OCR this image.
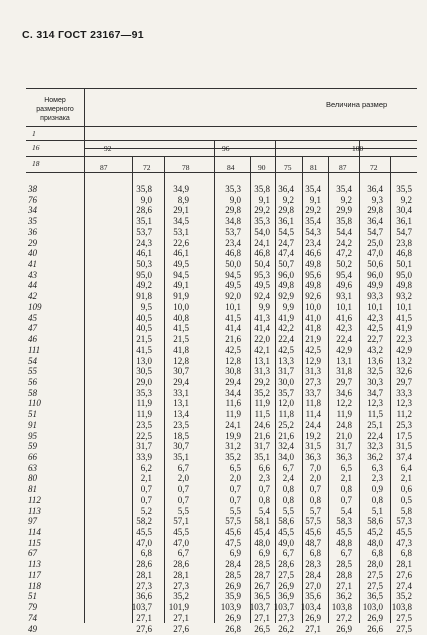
С. 314 ГОСТ 23167—91
Номер размерного признака
Величина размер
1
16
18
92	96	100
87	72	78	84	90 75 81	87	72
38	35,8	34,9	35,3	35,8 36,4	35,4	35,4	36,4	35,5
76	9,0	8,9	9,0	9,1	9,2	9,1	9,2	9,3	9,2
34	28,6	29,1	29,8	29,2 29,8	29,2	29,9	29,8	30,4
35	35,1	34,5	34,8	35,3 36,1	35,4	35,8	36,4	36,1
36	53,7	53,1	53,7	54,0 54,5	54,3	54,4	54,7	54,7
29	24,3	22,6	23,4	24,1 24,7	23,4	24,2	25,0	23,8
40	46,1	46,1	46,8	46,8 47,4	46,6	47,2	47,0	46,8
41	50,3	49,5	50,0	50,4 50,7	49,8	50,2	50,6	50,1
43	95,0	94,5	94,5	95,3 96,0	95,6	95,4	96,0	95,0
44	49,2	49,1	49,5	49,5 49,8	49,8	49,6	49,9	49,8
42	91,8	91,9	92,0	92,4 92,9	92,6	93,1	93,3	93,2
109	9,5	10,0	10,1	9,9	9,9	10,0	10,1	10,1	10,1
45	40,5	40,8	41,5	41,3 41,9	41,0	41,6	42,3	41,5
47	40,5	41,5	41,4	41,4 42,2	41,8	42,3	42,5	41,9
46	21,5	21,5	21,6	22,0 22,4	21,9	22,4	22,7	22,3
111	41,5	41,8	42,5	42,1 42,5	42,5	42,9	43,2	42,9
54	13,0	12,8	12,8	13,1 13,3	12,9	13,1	13,6	13,2
55	30,5	30,7	30,8	31,3 31,7	31,3	31,8	32,5	32,6
56	29,0	29,4	29,4	29,2 30,0	27,3	29,7	30,3	29,7
58	35,3	33,1	34,4	35,2 35,7	33,7	34,6	34,7	33,3
110	11,9	13,1	11,6	11,9 12,0	11,8	12,2	12,3	12,3
51	11,9	13,4	11,9	11,5 11,8	11,4	11,9	11,5	11,2
91	23,5	23,5	24,1	24,6 25,2	24,4	24,8	25,1	25,3
95	22,5	18,5	19,9	21,6 21,6	19,2	21,0	22,4	17,5
59	31,7	30,7	31,2	31,7 32,4	31,5	31,7	32,3	31,5
66	33,9	35,1	35,2	35,1 34,0	36,3	36,3	36,2	37,4
63	6,2	6,7	6,5	6,6	6,7	7,0	6,5	6,3	6,4
80	2,1	2,0	2,0	2,3	2,4	2,0	2,1	2,3	2,1
81	0,7	0,7	0,7	0,7	0,8	0,7	0,8	0,9	0,6
112	0,7	0,7	0,7	0,8	0,8	0,8	0,7	0,8	0,5
113	5,2	5,5	5,5	5,4	5,5	5,7	5,4	5,1	5,8
97	58,2	57,1	57,5	58,1 58,6	57,5	58,3	58,6	57,3
114	45,5	45,5	45,6	45,4 45,5	45,6	45,5	45,2	45,5
115	47,0	47,0	47,5	48,0 49,0	48,7	48,8	48,0	47,3
67	6,8	6,7	6,9	6,9	6,7	6,8	6,7	6,8	6,8
113	28,6	28,6	28,4	28,5 28,6	28,3	28,5	28,0	28,1
117	28,1	28,1	28,5	28,7 27,5	28,4	28,8	27,5	27,6
118	27,3	27,3	26,9	26,7 26,9	27,0	27,1	27,5	27,4
51	36,6	35,2	35,9	36,5 36,9	35,6	36,2	36,5	35,2
79	103,7	101,9	103,9 103,7 103,7 103,4	103,8	103,0 103,8
74	27,1	27,1	26,9	27,1 27,3	26,9	27,2	26,9	27,5
49	27,6	27,6	26,8	26,5 26,2	27,1	26,9	26,6	27,5
